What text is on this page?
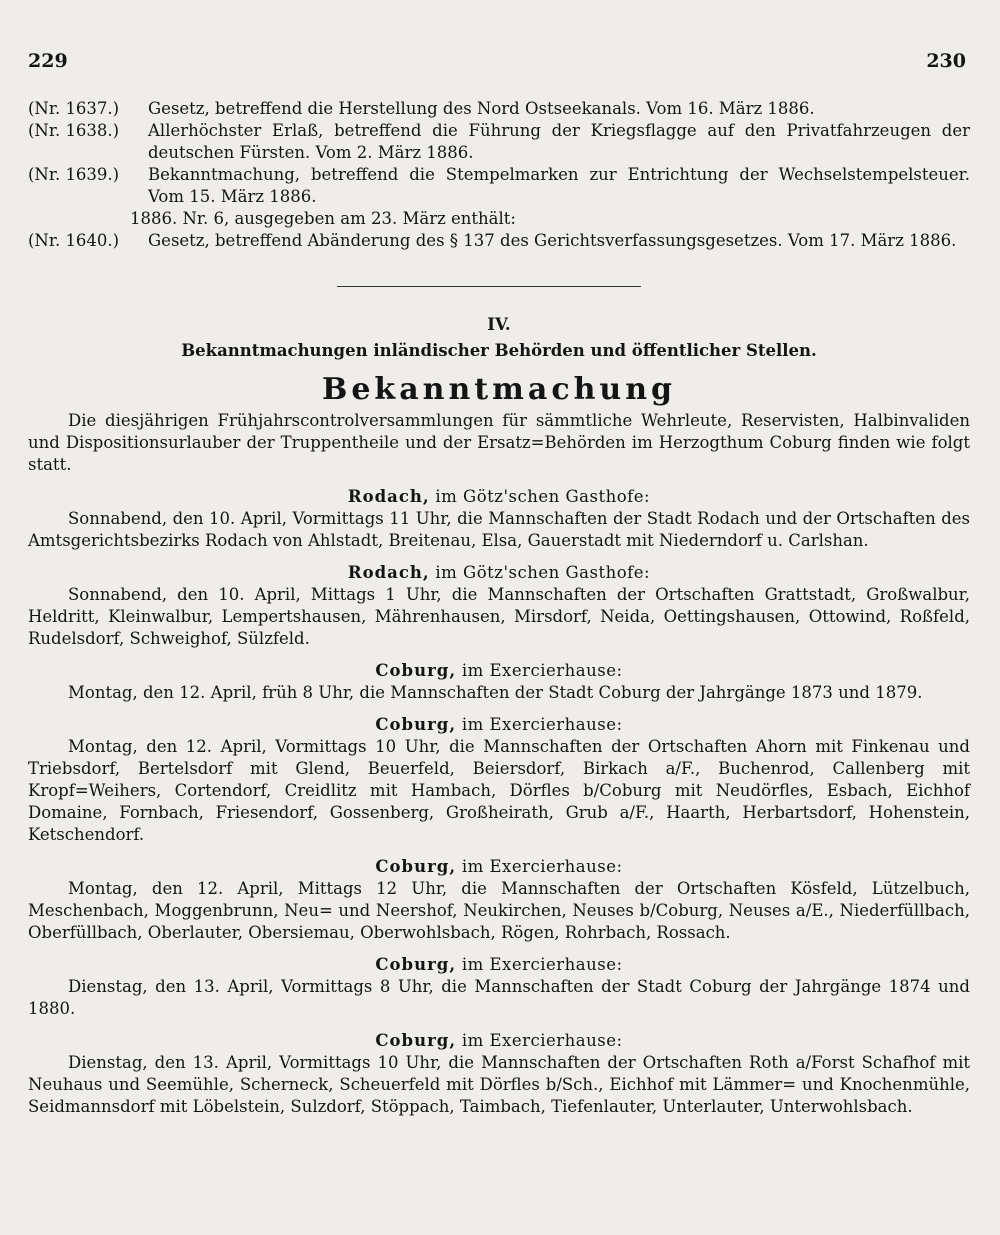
229	230
(Nr. 1637.)	Gesetz, betreffend die Herstellung des Nord Ostseekanals. Vom 16. März 1886.
(Nr. 1638.)	Allerhöchster Erlaß, betreffend die Führung der Kriegsflagge auf den Privatfahrzeugen der deutschen Fürsten. Vom 2. März 1886.
(Nr. 1639.)	Bekanntmachung, betreffend die Stempelmarken zur Entrichtung der Wechselstempelsteuer. Vom 15. März 1886.
1886. Nr. 6, ausgegeben am 23. März enthält:
(Nr. 1640.)	Gesetz, betreffend Abänderung des § 137 des Gerichtsverfassungsgesetzes. Vom 17. März 1886.
IV.
Bekanntmachungen inländischer Behörden und öffentlicher Stellen.
Bekanntmachung

Die diesjährigen Frühjahrscontrolversammlungen für sämmtliche Wehrleute, Reservisten, Halbinvaliden und Dispositionsurlauber der Truppentheile und der Ersatz=Behörden im Herzogthum Coburg finden wie folgt statt.

Rodach, im Götz'schen Gasthofe:

Sonnabend, den 10. April, Vormittags 11 Uhr, die Mannschaften der Stadt Rodach und der Ortschaften des Amtsgerichtsbezirks Rodach von Ahlstadt, Breitenau, Elsa, Gauerstadt mit Niederndorf u. Carlshan.

Rodach, im Götz'schen Gasthofe:

Sonnabend, den 10. April, Mittags 1 Uhr, die Mannschaften der Ortschaften Grattstadt, Großwalbur, Heldritt, Kleinwalbur, Lempertshausen, Mährenhausen, Mirsdorf, Neida, Oettingshausen, Ottowind, Roßfeld, Rudelsdorf, Schweighof, Sülzfeld.

Coburg, im Exercierhause:

Montag, den 12. April, früh 8 Uhr, die Mannschaften der Stadt Coburg der Jahrgänge 1873 und 1879.

Coburg, im Exercierhause:

Montag, den 12. April, Vormittags 10 Uhr, die Mannschaften der Ortschaften Ahorn mit Finkenau und Triebsdorf, Bertelsdorf mit Glend, Beuerfeld, Beiersdorf, Birkach a/F., Buchenrod, Callenberg mit Kropf=Weihers, Cortendorf, Creidlitz mit Hambach, Dörfles b/Coburg mit Neudörfles, Esbach, Eichhof Domaine, Fornbach, Friesendorf, Gossenberg, Großheirath, Grub a/F., Haarth, Herbartsdorf, Hohenstein, Ketschendorf.

Coburg, im Exercierhause:

Montag, den 12. April, Mittags 12 Uhr, die Mannschaften der Ortschaften Kösfeld, Lützelbuch, Meschenbach, Moggenbrunn, Neu= und Neershof, Neukirchen, Neuses b/Coburg, Neuses a/E., Niederfüllbach, Oberfüllbach, Oberlauter, Obersiemau, Oberwohlsbach, Rögen, Rohrbach, Rossach.

Coburg, im Exercierhause:

Dienstag, den 13. April, Vormittags 8 Uhr, die Mannschaften der Stadt Coburg der Jahrgänge 1874 und 1880.

Coburg, im Exercierhause:

Dienstag, den 13. April, Vormittags 10 Uhr, die Mannschaften der Ortschaften Roth a/Forst Schafhof mit Neuhaus und Seemühle, Scherneck, Scheuerfeld mit Dörfles b/Sch., Eichhof mit Lämmer= und Knochenmühle, Seidmannsdorf mit Löbelstein, Sulzdorf, Stöppach, Taimbach, Tiefenlauter, Unterlauter, Unterwohlsbach.
